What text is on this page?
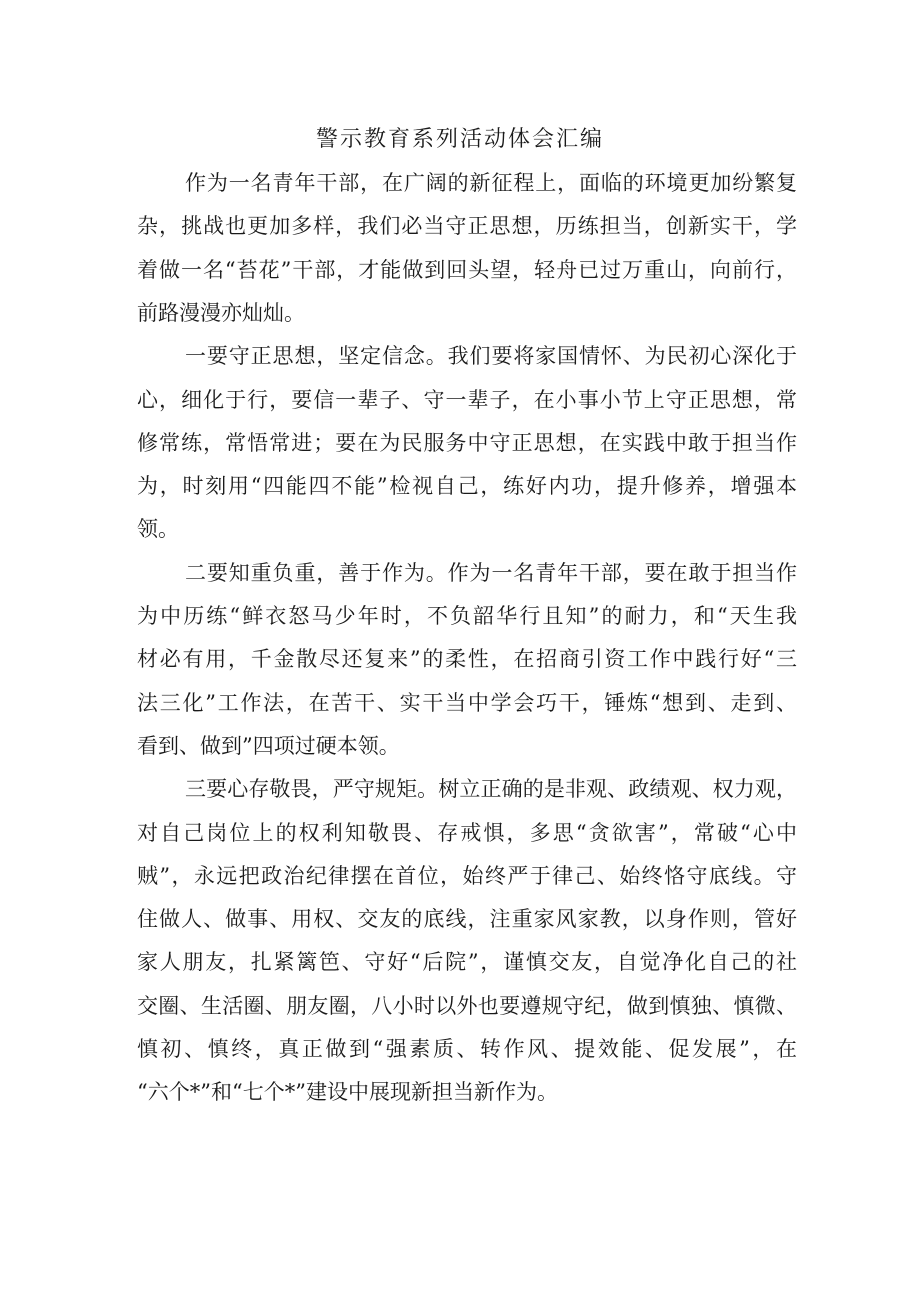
警示教育系列活动体会汇编

作为一名青年干部，在广阔的新征程上，面临的环境更加纷繁复

杂，挑战也更加多样，我们必当守正思想，历练担当，创新实干，学

着做一名“苔花”干部，才能做到回头望，轻舟已过万重山，向前行，

前路漫漫亦灿灿。

一要守正思想，坚定信念。我们要将家国情怀、为民初心深化于

心，细化于行，要信一辈子、守一辈子，在小事小节上守正思想，常

修常练，常悟常进；要在为民服务中守正思想，在实践中敢于担当作

为，时刻用“四能四不能”检视自己，练好内功，提升修养，增强本

领。

二要知重负重，善于作为。作为一名青年干部，要在敢于担当作

为中历练“鲜衣怒马少年时，不负韶华行且知”的耐力，和“天生我

材必有用，千金散尽还复来”的柔性，在招商引资工作中践行好“三

法三化”工作法，在苦干、实干当中学会巧干，锤炼“想到、走到、

看到、做到”四项过硬本领。

三要心存敬畏，严守规矩。树立正确的是非观、政绩观、权力观，

对自己岗位上的权利知敬畏、存戒惧，多思“贪欲害”，常破“心中

贼”，永远把政治纪律摆在首位，始终严于律己、始终恪守底线。守

住做人、做事、用权、交友的底线，注重家风家教，以身作则，管好

家人朋友，扎紧篱笆、守好“后院”，谨慎交友，自觉净化自己的社

交圈、生活圈、朋友圈，八小时以外也要遵规守纪，做到慎独、慎微、

慎初、慎终，真正做到“强素质、转作风、提效能、促发展”，在

“六个*”和“七个*”建设中展现新担当新作为。
